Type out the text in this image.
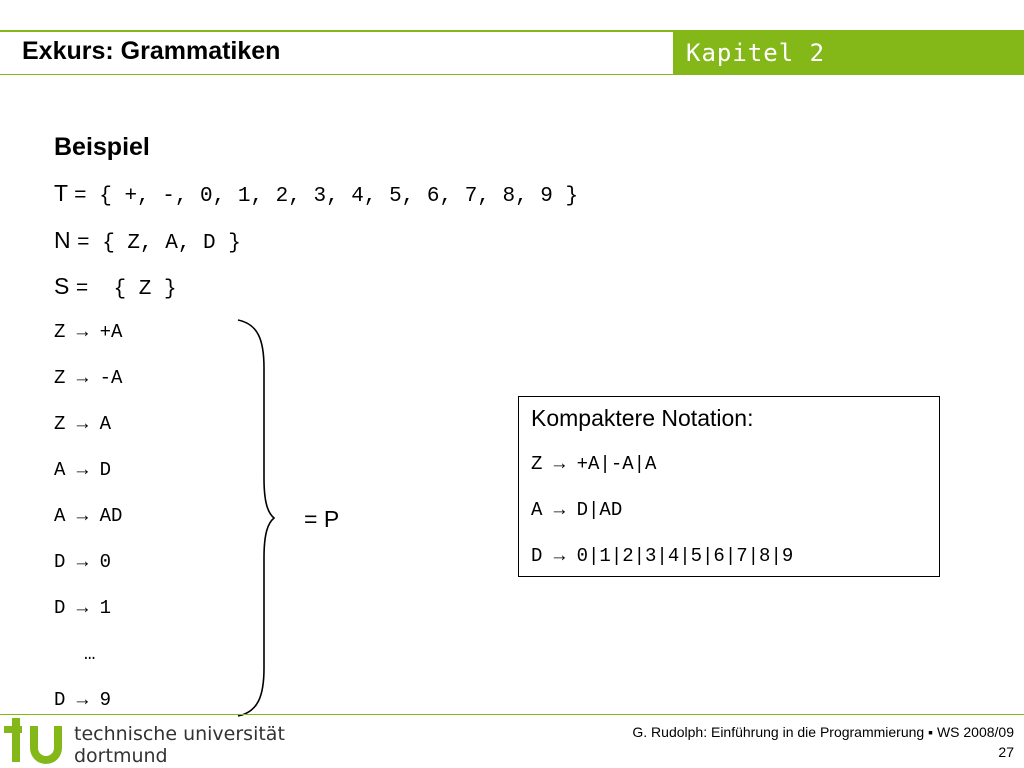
Exkurs: Grammatiken	Kapitel 2
Beispiel
T = { +, -, 0, 1, 2, 3, 4, 5, 6, 7, 8, 9 }
N = { Z, A, D }
S =  { Z }
Z → +A
Z → -A
Z → A
A → D
A → AD
D → 0
D → 1
…
D → 9
= P
Kompaktere Notation:
Z → +A|-A|A
A → D|AD
D → 0|1|2|3|4|5|6|7|8|9
technische universität
dortmund
G. Rudolph: Einführung in die Programmierung ▪ WS 2008/09
27
